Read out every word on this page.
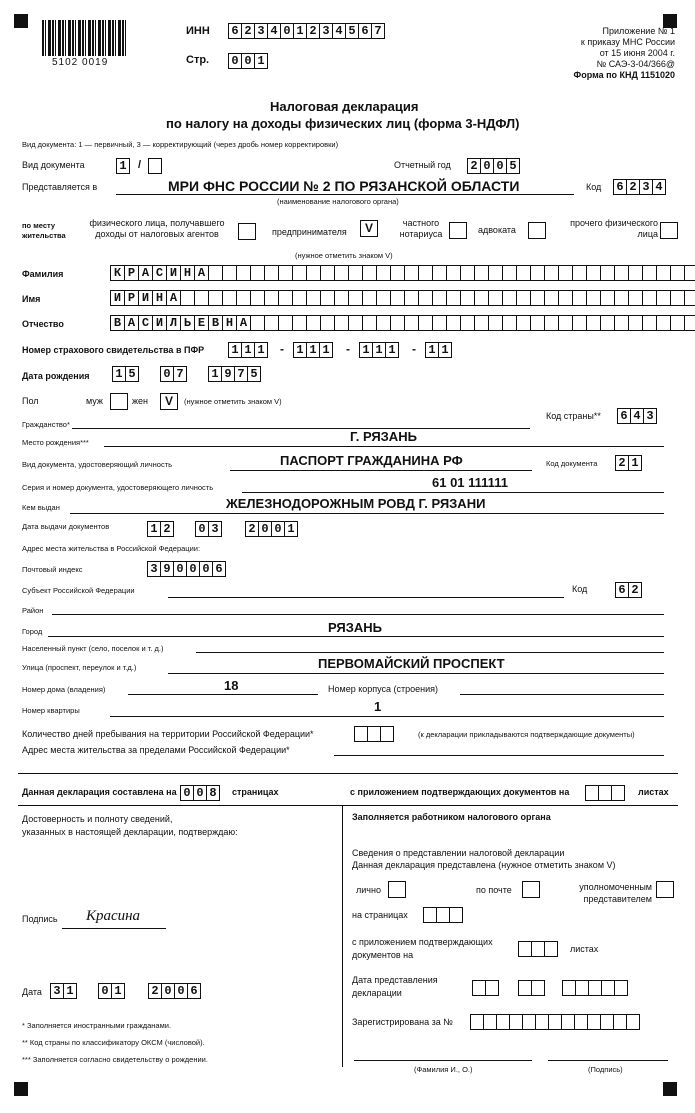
5102 0019
ИНН 6 2 3 4 0 1 2 3 4 5 6 7
Стр. 0 0 1
Приложение № 1
к приказу МНС России
от 15 июня 2004 г.
№ САЭ-3-04/366@
Форма по КНД 1151020
Налоговая декларация
по налогу на доходы физических лиц (форма 3-НДФЛ)
Вид документа: 1 — первичный, 3 — корректирующий (через дробь номер корректировки)
Вид документа	1	/	Отчетный год 2 0 0 5
Представляется в	МРИ ФНС РОССИИ № 2 ПО РЯЗАНСКОЙ ОБЛАСТИ
(наименование налогового органа)
Код 6 2 3 4
по месту жительства
физического лица, получавшего доходы от налоговых агентов	предпринимателя	V	частного нотариуса	адвоката
прочего физического лица
(нужное отметить знаком V)
Фамилия	К Р А С И Н А
Имя	И Р И Н А
Отчество	В А С И Л Ь Е В Н А
Номер страхового свидетельства в ПФР 1 1 1 - 1 1 1 - 1 1 1 - 1 1
Дата рождения 1 5 0 7 1 9 7 5
Пол	муж	жен	V	(нужное отметить знаком V)
Гражданство*
Код страны** 6 4 3
Место рождения***	Г. РЯЗАНЬ
Вид документа, удостоверяющий личность	ПАСПОРТ ГРАЖДАНИНА РФ	Код документа 2 1
Серия и номер документа, удостоверяющего личность	61 01 111111
Кем выдан	ЖЕЛЕЗНОДОРОЖНЫМ РОВД Г. РЯЗАНИ
Дата выдачи документов	1 2 0 3 2 0 0 1
Адрес места жительства в Российской Федерации:
Почтовый индекс	3 9 0 0 0 6
Субъект Российской Федерации	Код	6 2
Район
Город	РЯЗАНЬ
Населенный пункт (село, поселок и т. д.)
Улица (проспект, переулок и т.д.)	ПЕРВОМАЙСКИЙ ПРОСПЕКТ
Номер дома (владения)	18	Номер корпуса (строения)
Номер квартиры	1
Количество дней пребывания на территории Российской Федерации*	(к декларации прикладываются подтверждающие документы)
Адрес места жительства за пределами Российской Федерации*
Данная декларация составлена на 0 0 8	страницах	с приложением подтверждающих документов на	листах
Достоверность и полноту сведений,
указанных в настоящей декларации, подтверждаю:
Подпись Красина
Дата 3 1 0 1 2 0 0 6
* Заполняется иностранными гражданами.
** Код страны по классификатору ОКСМ (числовой).
*** Заполняется согласно свидетельству о рождении.
Заполняется работником налогового органа
Сведения о представлении налоговой декларации
Данная декларация представлена (нужное отметить знаком V)
лично	по почте	уполномоченным представителем
на страницах
с приложением подтверждающих
документов на
листах
Дата представления
декларации
Зарегистрирована за №
(Фамилия И., О.)	(Подпись)
